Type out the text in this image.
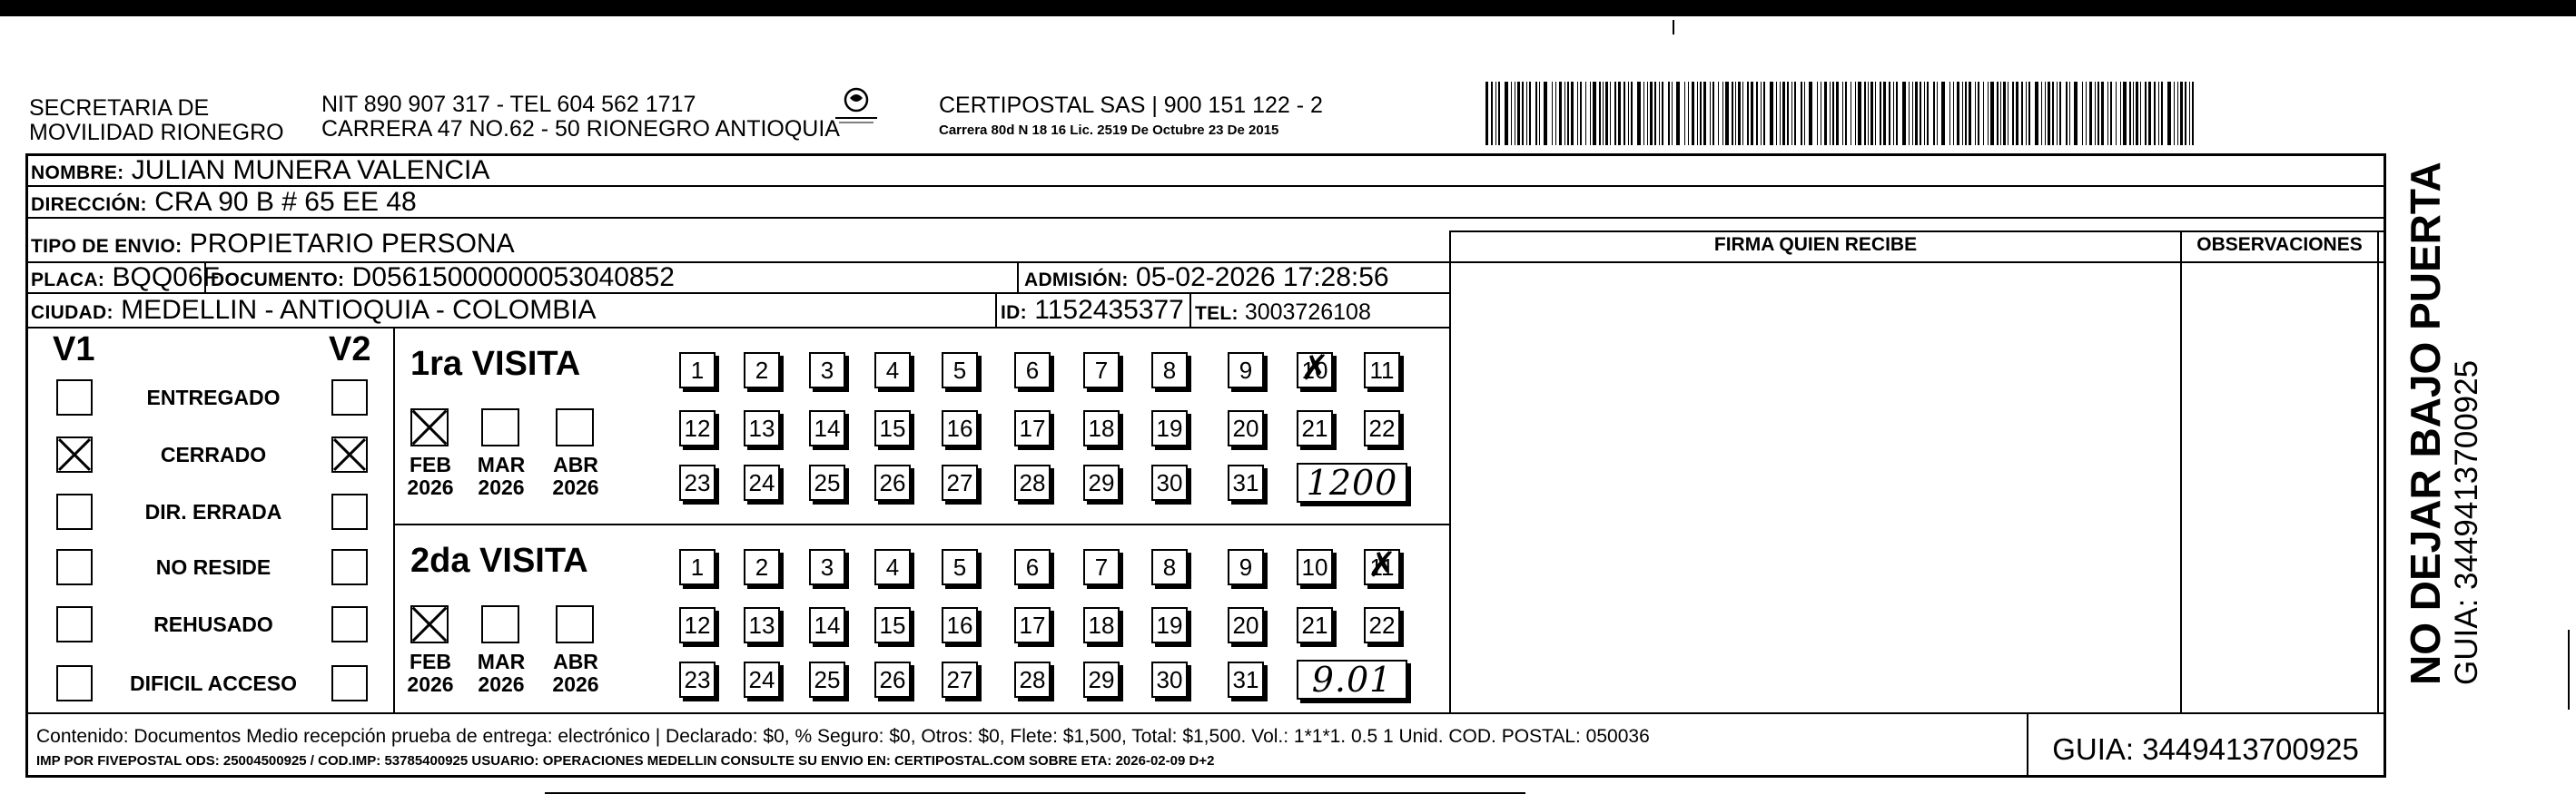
SECRETARIA DE
MOVILIDAD RIONEGRO
NIT 890 907 317 - TEL 604 562 1717
CARRERA 47 NO.62 - 50 RIONEGRO ANTIOQUIA
CERTIPOSTAL SAS | 900 151 122 - 2
Carrera 80d N 18 16 Lic. 2519 De Octubre 23 De 2015
NOMBRE: JULIAN MUNERA VALENCIA
DIRECCIÓN: CRA 90 B # 65 EE 48
TIPO DE ENVIO: PROPIETARIO PERSONA	FIRMA QUIEN RECIBE	OBSERVACIONES
PLACA: BQQ06F
DOCUMENTO: D05615000000053040852	ADMISIÓN: 05-02-2026 17:28:56
CIUDAD: MEDELLIN - ANTIOQUIA - COLOMBIA	ID: 1152435377 TEL: 3003726108
V1	V2
ENTREGADO
CERRADO
DIR. ERRADA
NO RESIDE
REHUSADO
DIFICIL ACCESO
1ra VISITA
FEB
2026
MAR
2026
ABR
2026
1	2	3	4	5	6	7	8	9	10 ✗ 11
12 13 14 15 16 17 18 19 20 21 22
23 24 25 26 27 28 29 30 31 1200
2da VISITA
FEB
2026
MAR
2026
ABR
2026
1	2	3	4	5	6	7	8	9	10 11 ✗
12 13 14 15 16 17 18 19 20 21 22
23 24 25 26 27 28 29 30 31	9.01
Contenido: Documentos Medio recepción prueba de entrega: electrónico | Declarado: $0, % Seguro: $0, Otros: $0, Flete: $1,500, Total: $1,500. Vol.: 1*1*1. 0.5 1 Unid. COD. POSTAL: 050036
IMP POR FIVEPOSTAL ODS: 25004500925 / COD.IMP: 53785400925 USUARIO: OPERACIONES MEDELLIN CONSULTE SU ENVIO EN: CERTIPOSTAL.COM SOBRE ETA: 2026-02-09 D+2	GUIA: 3449413700925
NO DEJAR BAJO PUERTA GUIA: 3449413700925
